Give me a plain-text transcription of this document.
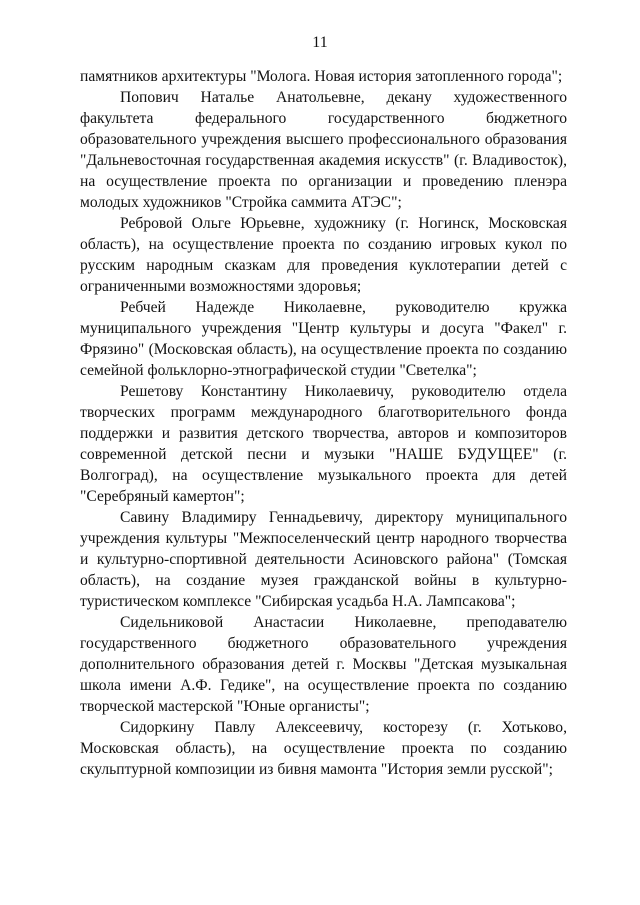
11

памятников архитектуры "Молога. Новая история затопленного города";

Попович Наталье Анатольевне, декану художественного факультета федерального государственного бюджетного образовательного учреждения высшего профессионального образования "Дальневосточная государственная академия искусств" (г. Владивосток), на осуществление проекта по организации и проведению пленэра молодых художников "Стройка саммита АТЭС";

Ребровой Ольге Юрьевне, художнику (г. Ногинск, Московская область), на осуществление проекта по созданию игровых кукол по русским народным сказкам для проведения куклотерапии детей с ограниченными возможностями здоровья;

Ребчей Надежде Николаевне, руководителю кружка муниципального учреждения "Центр культуры и досуга "Факел" г. Фрязино" (Московская область), на осуществление проекта по созданию семейной фольклорно-этнографической студии "Светелка";

Решетову Константину Николаевичу, руководителю отдела творческих программ международного благотворительного фонда поддержки и развития детского творчества, авторов и композиторов современной детской песни и музыки "НАШЕ БУДУЩЕЕ" (г. Волгоград), на осуществление музыкального проекта для детей "Серебряный камертон";

Савину Владимиру Геннадьевичу, директору муниципального учреждения культуры "Межпоселенческий центр народного творчества и культурно-спортивной деятельности Асиновского района" (Томская область), на создание музея гражданской войны в культурно-туристическом комплексе "Сибирская усадьба Н.А. Лампсакова";

Сидельниковой Анастасии Николаевне, преподавателю государственного бюджетного образовательного учреждения дополнительного образования детей г. Москвы "Детская музыкальная школа имени А.Ф. Гедике", на осуществление проекта по созданию творческой мастерской "Юные органисты";

Сидоркину Павлу Алексеевичу, косторезу (г. Хотьково, Московская область), на осуществление проекта по созданию скульптурной композиции из бивня мамонта "История земли русской";
